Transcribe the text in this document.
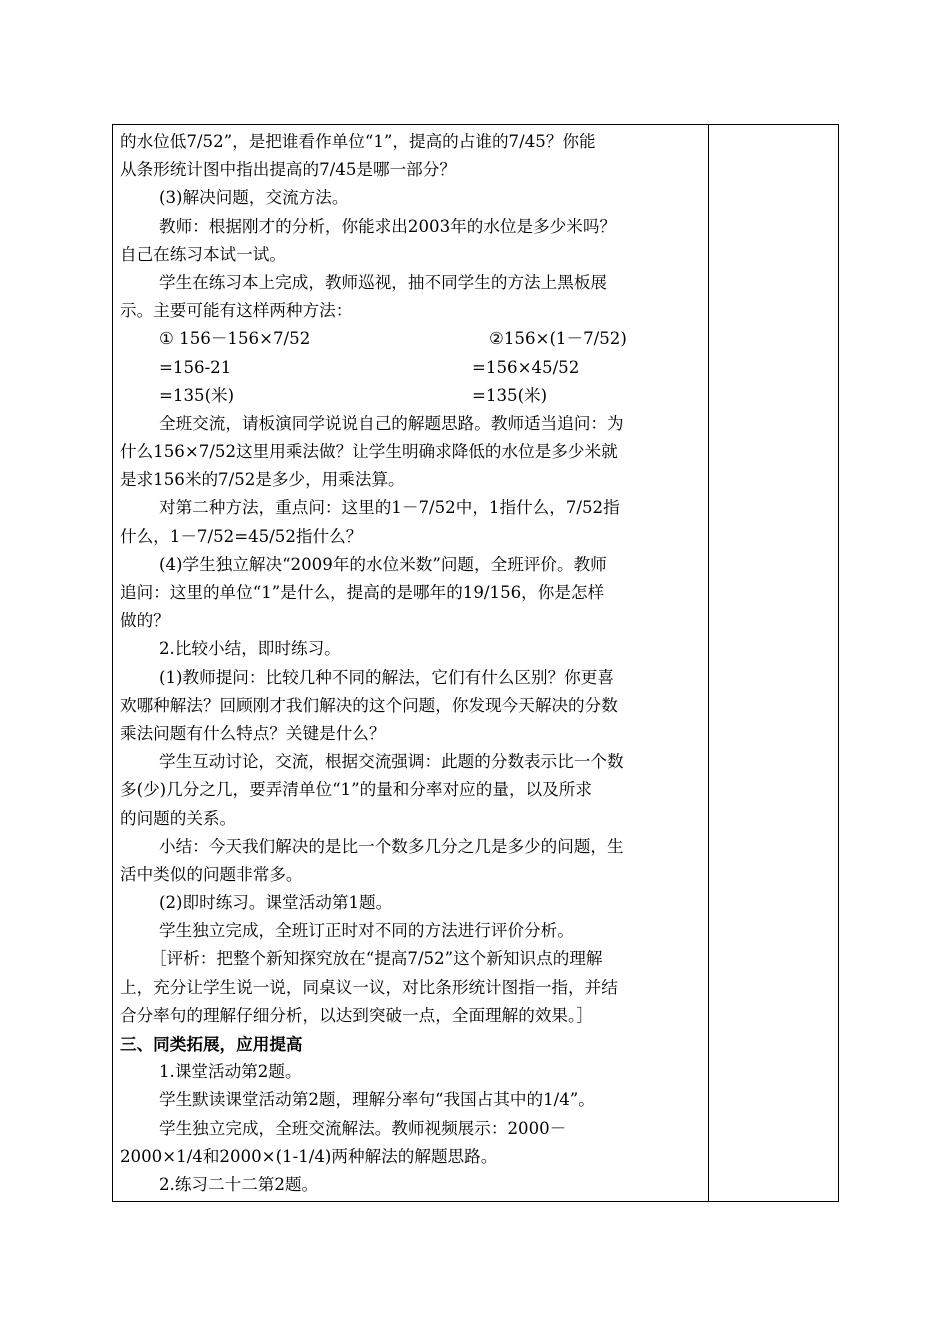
的水位低7/52”，是把谁看作单位“1”，提高的占谁的7/45？你能
从条形统计图中指出提高的7/45是哪一部分？
(3)解决问题，交流方法。
教师：根据刚才的分析，你能求出2003年的水位是多少米吗？
自己在练习本试一试。
学生在练习本上完成，教师巡视，抽不同学生的方法上黑板展
示。主要可能有这样两种方法：
① 156－156×7/52	②156×(1－7/52)
=156-21	=156×45/52
=135(米)	=135(米)
全班交流，请板演同学说说自己的解题思路。教师适当追问：为
什么156×7/52这里用乘法做？让学生明确求降低的水位是多少米就
是求156米的7/52是多少，用乘法算。
对第二种方法，重点问：这里的1－7/52中，1指什么，7/52指
什么，1－7/52=45/52指什么？
(4)学生独立解决“2009年的水位米数”问题，全班评价。教师
追问：这里的单位“1”是什么，提高的是哪年的19/156，你是怎样
做的？
2.比较小结，即时练习。
(1)教师提问：比较几种不同的解法，它们有什么区别？你更喜
欢哪种解法？回顾刚才我们解决的这个问题，你发现今天解决的分数
乘法问题有什么特点？关键是什么？
学生互动讨论，交流，根据交流强调：此题的分数表示比一个数
多(少)几分之几，要弄清单位“1”的量和分率对应的量，以及所求
的问题的关系。
小结：今天我们解决的是比一个数多几分之几是多少的问题，生
活中类似的问题非常多。
(2)即时练习。课堂活动第1题。
学生独立完成，全班订正时对不同的方法进行评价分析。
［评析：把整个新知探究放在“提高7/52”这个新知识点的理解
上，充分让学生说一说，同桌议一议，对比条形统计图指一指，并结
合分率句的理解仔细分析，以达到突破一点，全面理解的效果。］
三、同类拓展，应用提高
1.课堂活动第2题。
学生默读课堂活动第2题，理解分率句“我国占其中的1/4”。
学生独立完成，全班交流解法。教师视频展示：2000－
2000×1/4和2000×(1-1/4)两种解法的解题思路。
2.练习二十二第2题。
